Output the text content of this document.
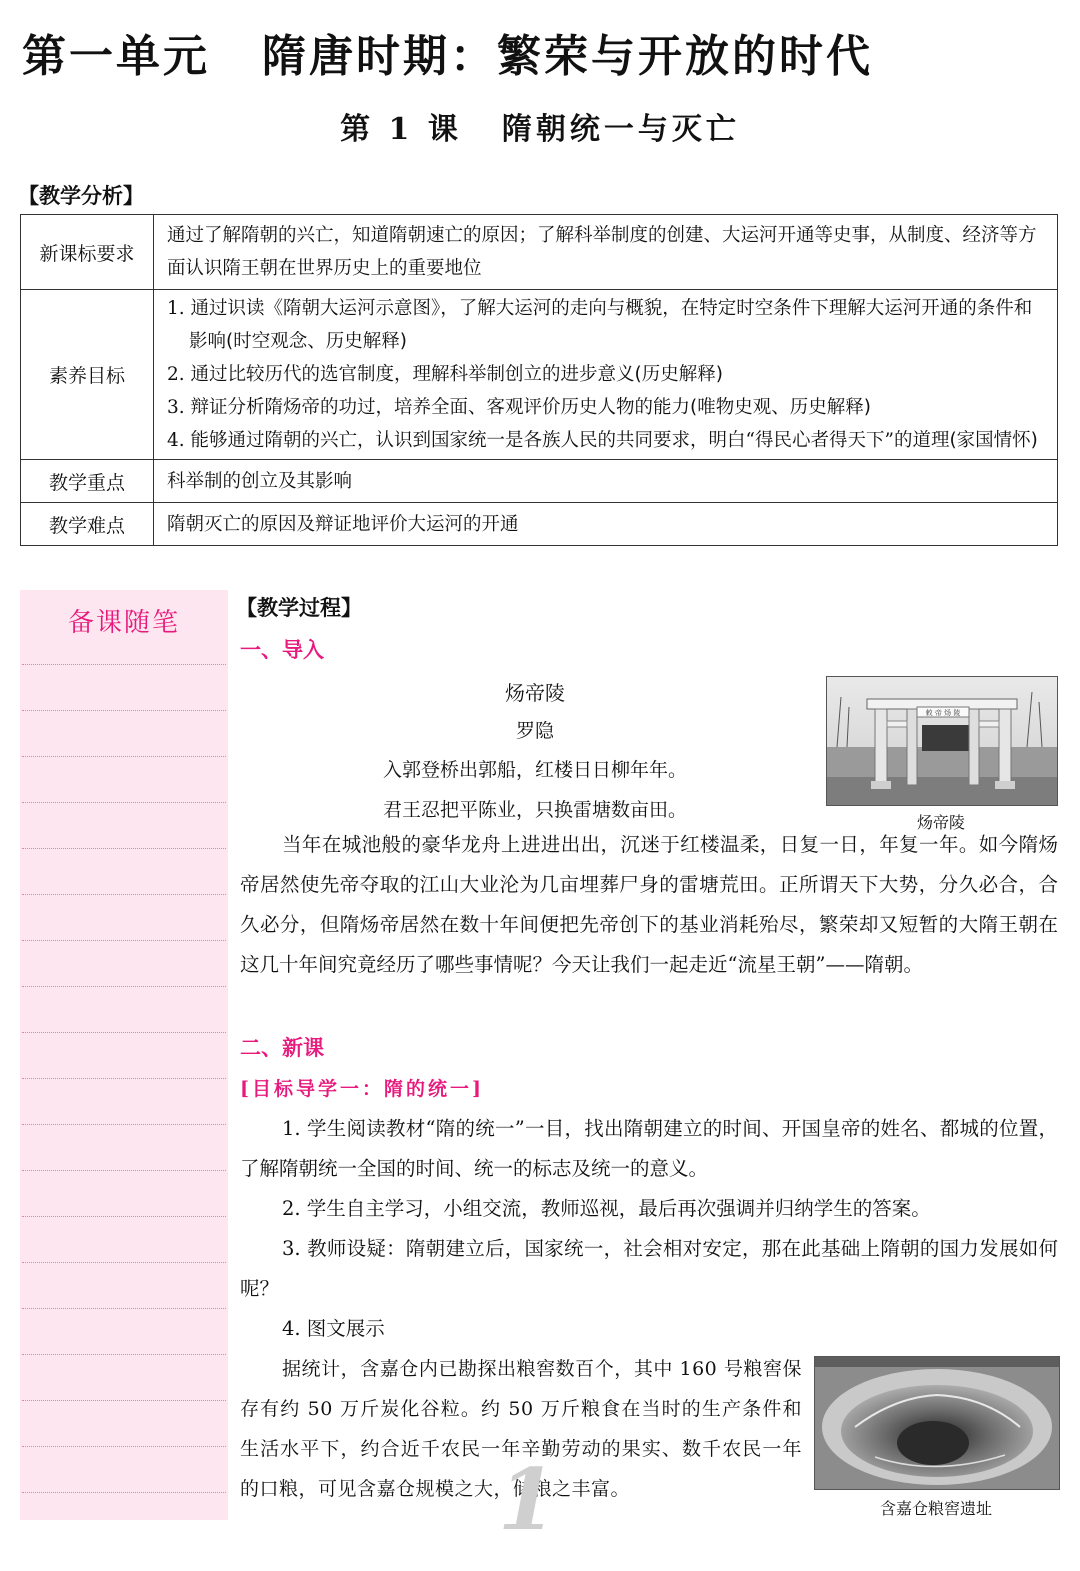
第一单元 隋唐时期：繁荣与开放的时代
第 1 课 隋朝统一与灭亡
【教学分析】
新课标要求	通过了解隋朝的兴亡，知道隋朝速亡的原因；了解科举制度的创建、大运河开通等史事，从制度、经济等方面认识隋王朝在世界历史上的重要地位
素养目标	1. 通过识读《隋朝大运河示意图》，了解大运河的走向与概貌，在特定时空条件下理解大运河开通的条件和影响(时空观念、历史解释)
2. 通过比较历代的选官制度，理解科举制创立的进步意义(历史解释)
3. 辩证分析隋炀帝的功过，培养全面、客观评价历史人物的能力(唯物史观、历史解释)
4. 能够通过隋朝的兴亡，认识到国家统一是各族人民的共同要求，明白“得民心者得天下”的道理(家国情怀)

教学重点	科举制的创立及其影响
教学难点	隋朝灭亡的原因及辩证地评价大运河的开通
备课随笔	【教学过程】
一、导入
炀帝陵
罗隐
入郭登桥出郭船，红楼日日柳年年。
君王忍把平陈业，只换雷塘数亩田。
敕 帝 炀 陵
炀帝陵
当年在城池般的豪华龙舟上进进出出，沉迷于红楼温柔，日复一日，年复一年。如今隋炀帝居然使先帝夺取的江山大业沦为几亩埋葬尸身的雷塘荒田。正所谓天下大势，分久必合，合久必分，但隋炀帝居然在数十年间便把先帝创下的基业消耗殆尽，繁荣却又短暂的大隋王朝在这几十年间究竟经历了哪些事情呢？今天让我们一起走近“流星王朝”——隋朝。
二、新课
[目标导学一：隋的统一]
1. 学生阅读教材“隋的统一”一目，找出隋朝建立的时间、开国皇帝的姓名、都城的位置，了解隋朝统一全国的时间、统一的标志及统一的意义。
2. 学生自主学习，小组交流，教师巡视，最后再次强调并归纳学生的答案。
3. 教师设疑：隋朝建立后，国家统一，社会相对安定，那在此基础上隋朝的国力发展如何呢？
4. 图文展示
据统计，含嘉仓内已勘探出粮窖数百个，其中 160 号粮窖保存有约 50 万斤炭化谷粒。约 50 万斤粮食在当时的生产条件和生活水平下，约合近千农民一年辛勤劳动的果实、数千农民一年的口粮，可见含嘉仓规模之大，储粮之丰富。
含嘉仓粮窖遗址
1
